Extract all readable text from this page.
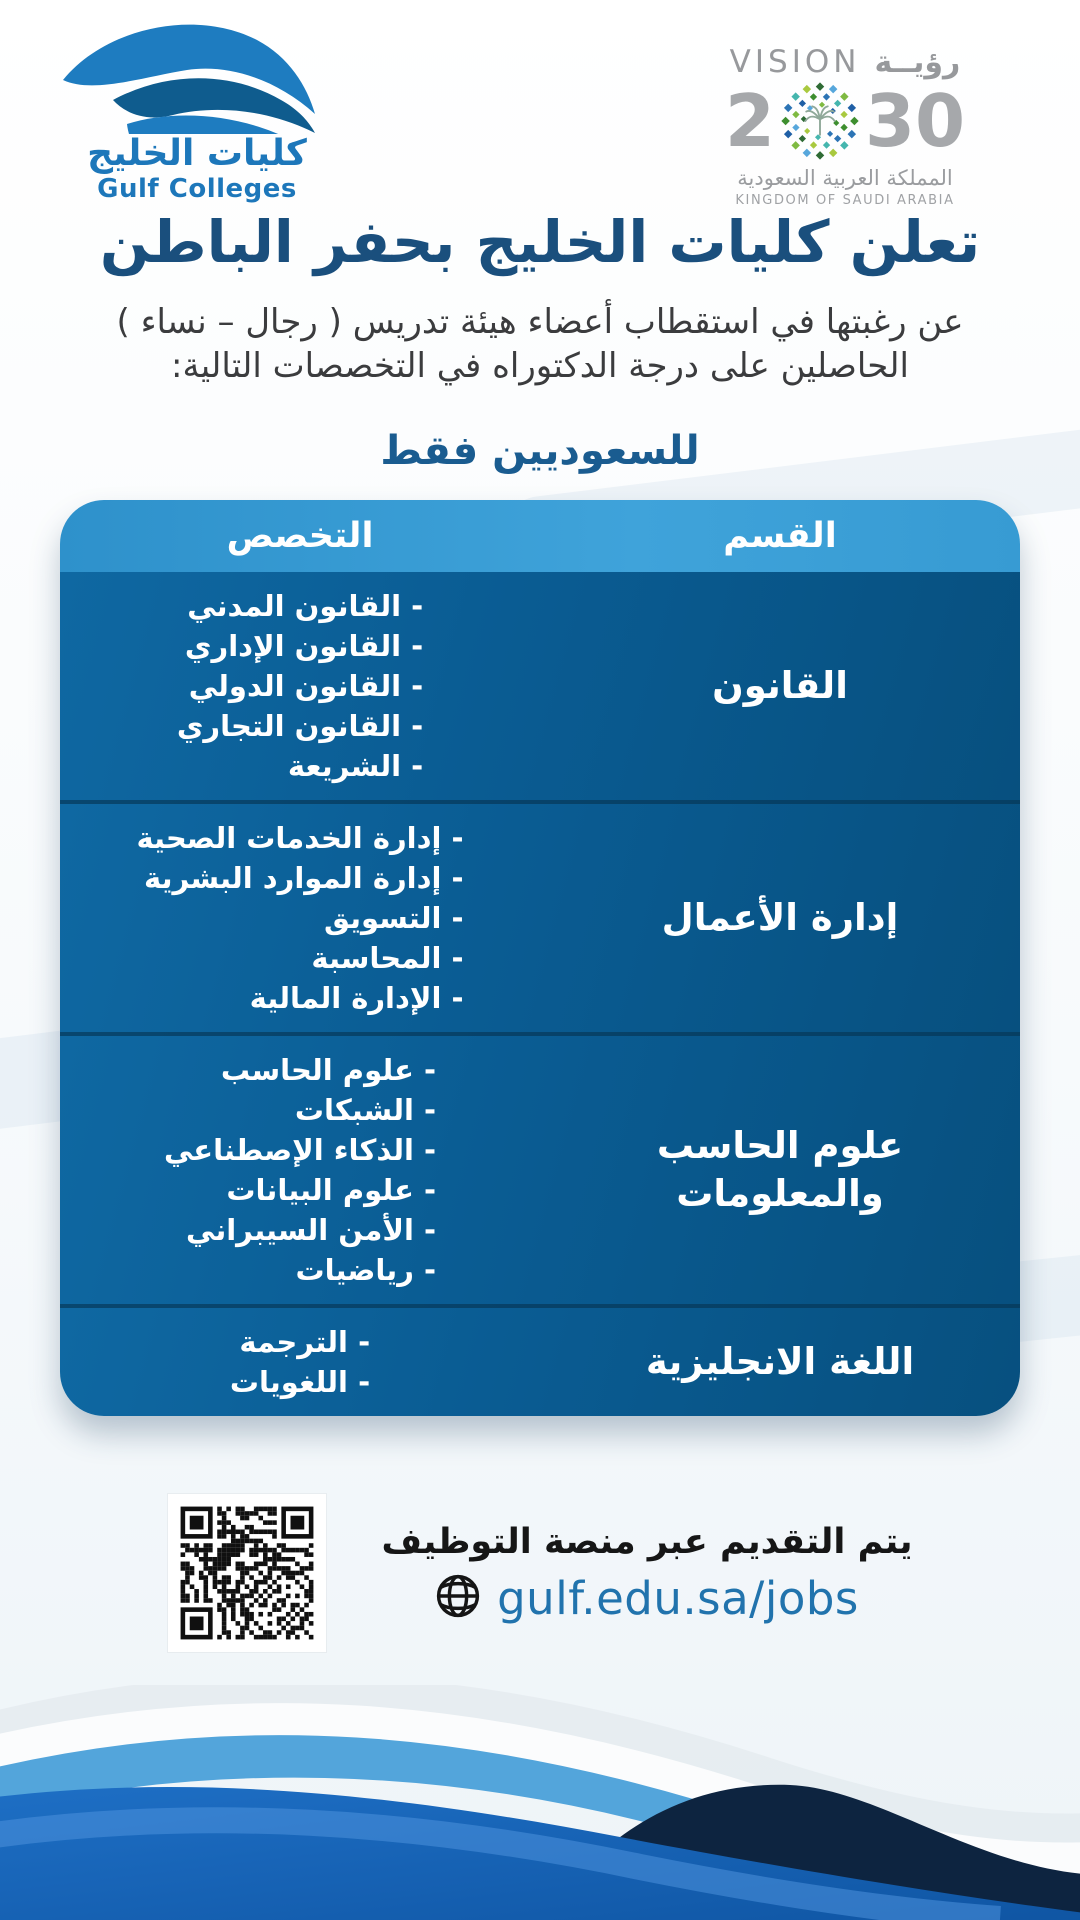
كليات الخليج
Gulf Colleges
VISION رؤيــة
2 30
المملكة العربية السعودية
KINGDOM OF SAUDI ARABIA
تعلن كليات الخليج بحفر الباطن

عن رغبتها في استقطاب أعضاء هيئة تدريس ( رجال – نساء )

الحاصلين على درجة الدكتوراه في التخصصات التالية:

للسعوديين فقط
القسم
التخصص
القانون
- القانون المدني
- القانون الإداري
- القانون الدولي
- القانون التجاري
- الشريعة
إدارة الأعمال
- إدارة الخدمات الصحية
- إدارة الموارد البشرية
- التسويق
- المحاسبة
- الإدارة المالية
علوم الحاسب والمعلومات
- علوم الحاسب
- الشبكات
- الذكاء الإصطناعي
- علوم البيانات
- الأمن السيبراني
- رياضيات
اللغة الانجليزية
- الترجمة
- اللغويات
يتم التقديم عبر منصة التوظيف
gulf.edu.sa/jobs
